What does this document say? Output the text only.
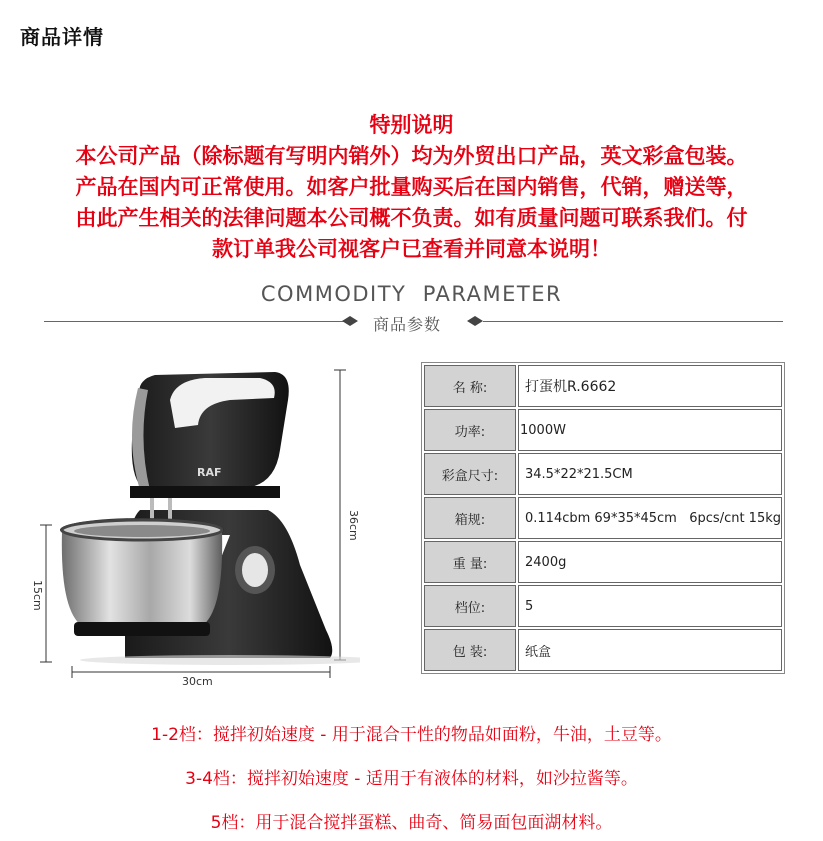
商品详情
特别说明
本公司产品（除标题有写明内销外）均为外贸出口产品，英文彩盒包装。
产品在国内可正常使用。如客户批量购买后在国内销售，代销，赠送等，
由此产生相关的法律问题本公司概不负责。如有质量问题可联系我们。付
款订单我公司视客户已查看并同意本说明！
COMMODITY  PARAMETER
商品参数
36cm
15cm
30cm
RAF
名 称:	打蛋机R.6662
功率:	1000W
彩盒尺寸:	34.5*22*21.5CM
箱规:	0.114cbm 69*35*45cm   6pcs/cnt 15kg
重 量:	2400g
档位:	5
包 装:	纸盒
1-2档：搅拌初始速度 - 用于混合干性的物品如面粉，牛油，土豆等。
3-4档：搅拌初始速度 - 适用于有液体的材料，如沙拉酱等。
5档：用于混合搅拌蛋糕、曲奇、简易面包面湖材料。
